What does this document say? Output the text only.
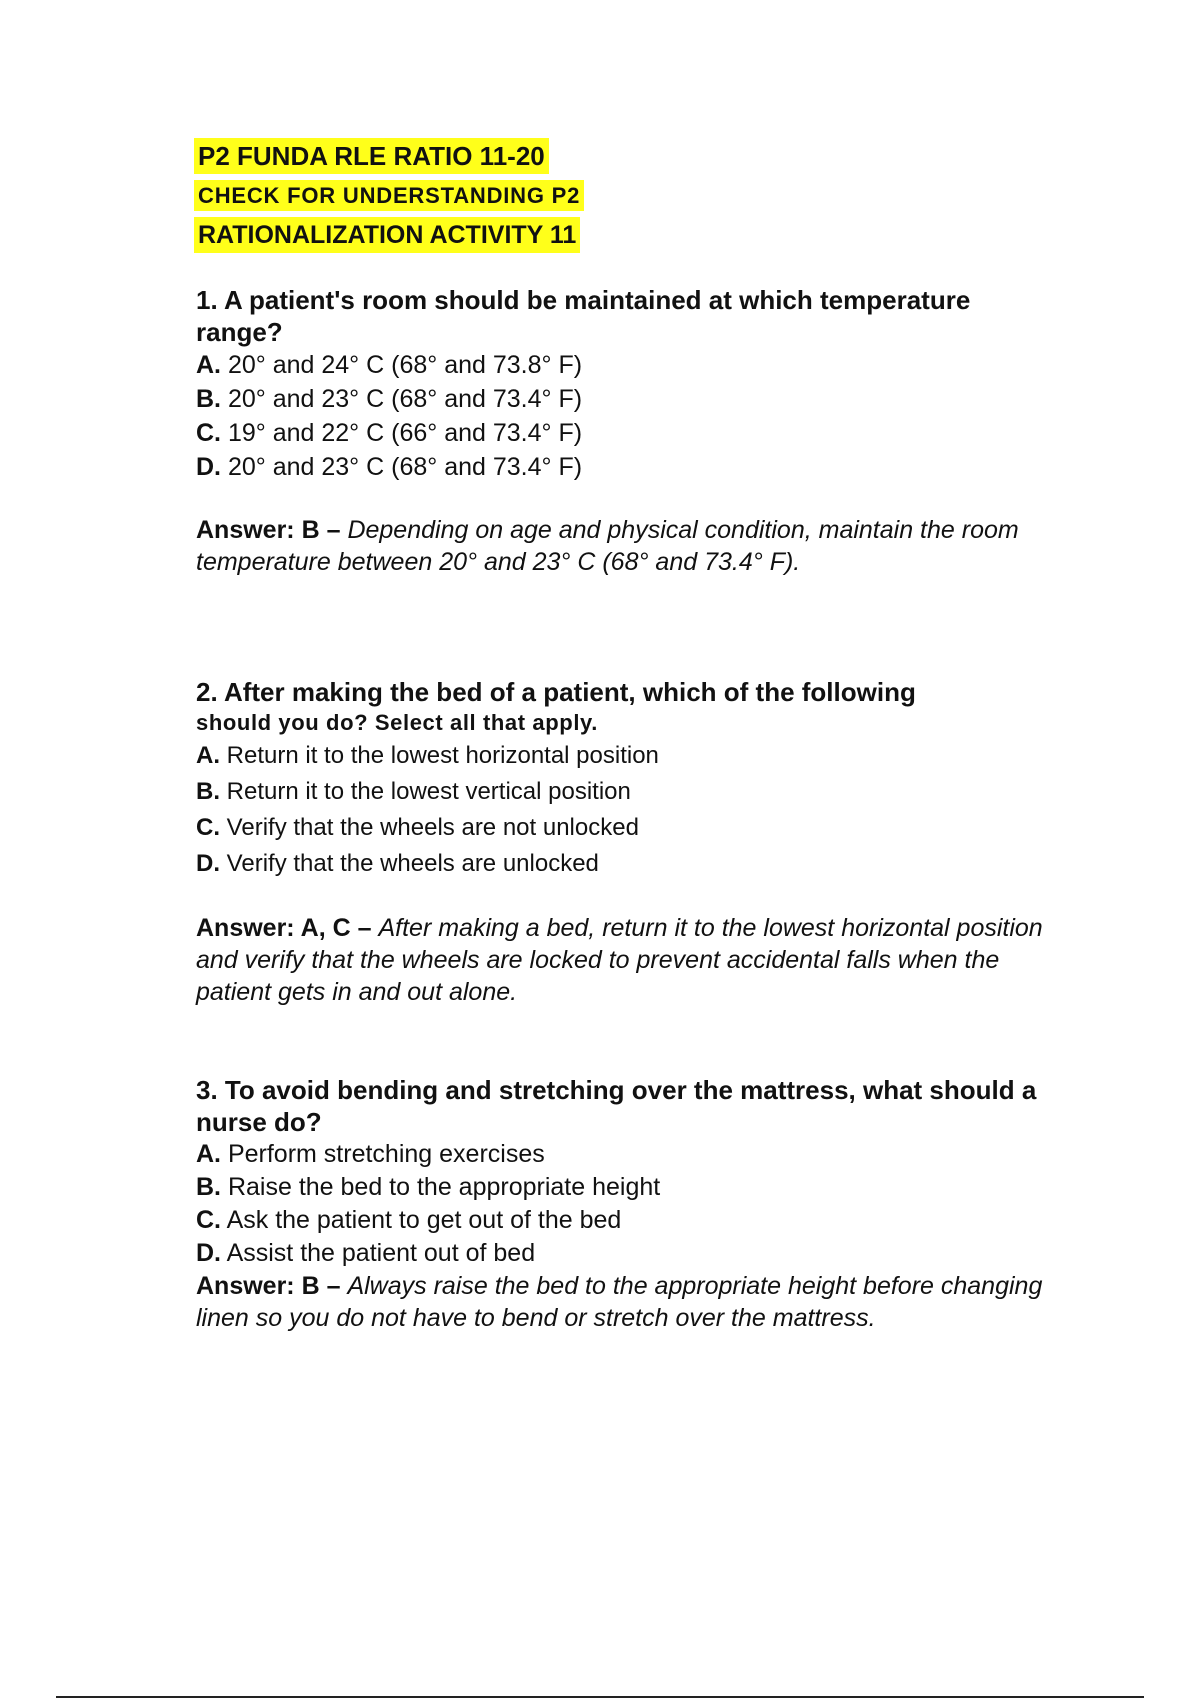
P2 FUNDA RLE RATIO 11-20
CHECK FOR UNDERSTANDING P2
RATIONALIZATION ACTIVITY 11

1. A patient's room should be maintained at which temperature range?

A. 20° and 24° C (68° and 73.8° F)
B. 20° and 23° C (68° and 73.4° F)
C. 19° and 22° C (66° and 73.4° F)
D. 20° and 23° C (68° and 73.4° F)
Answer: B – Depending on age and physical condition, maintain the room temperature between 20° and 23° C (68° and 73.4° F).

2. After making the bed of a patient, which of the following

should you do? Select all that apply.
A. Return it to the lowest horizontal position
B. Return it to the lowest vertical position
C. Verify that the wheels are not unlocked
D. Verify that the wheels are unlocked
Answer: A, C – After making a bed, return it to the lowest horizontal position and verify that the wheels are locked to prevent accidental falls when the patient gets in and out alone.

3. To avoid bending and stretching over the mattress, what should a nurse do?

A. Perform stretching exercises
B. Raise the bed to the appropriate height
C. Ask the patient to get out of the bed
D. Assist the patient out of bed
Answer: B – Always raise the bed to the appropriate height before changing linen so you do not have to bend or stretch over the mattress.
